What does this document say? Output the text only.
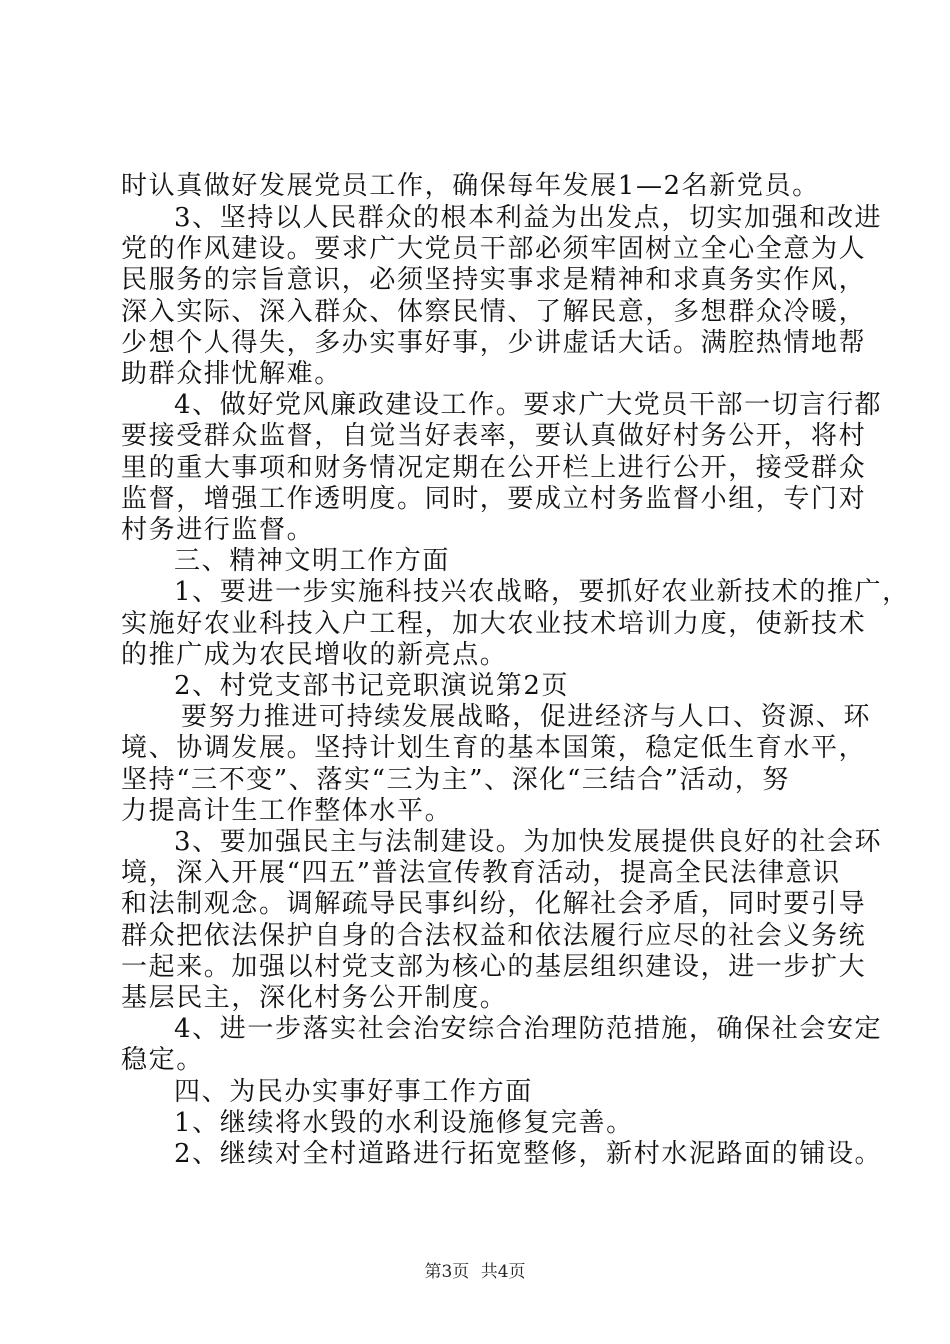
时认真做好发展党员工作，确保每年发展1—2名新党员。
3、坚持以人民群众的根本利益为出发点，切实加强和改进
党的作风建设。要求广大党员干部必须牢固树立全心全意为人
民服务的宗旨意识，必须坚持实事求是精神和求真务实作风，
深入实际、深入群众、体察民情、了解民意，多想群众冷暖，
少想个人得失，多办实事好事，少讲虚话大话。满腔热情地帮
助群众排忧解难。
4、做好党风廉政建设工作。要求广大党员干部一切言行都
要接受群众监督，自觉当好表率，要认真做好村务公开，将村
里的重大事项和财务情况定期在公开栏上进行公开，接受群众
监督，增强工作透明度。同时，要成立村务监督小组，专门对
村务进行监督。
三、精神文明工作方面
1、要进一步实施科技兴农战略，要抓好农业新技术的推广，
实施好农业科技入户工程，加大农业技术培训力度，使新技术
的推广成为农民增收的新亮点。
2、村党支部书记竞职演说第2页
要努力推进可持续发展战略，促进经济与人口、资源、环
境、协调发展。坚持计划生育的基本国策，稳定低生育水平，
坚持“三不变”、落实“三为主”、深化“三结合”活动，努
力提高计生工作整体水平。
3、要加强民主与法制建设。为加快发展提供良好的社会环
境，深入开展“四五”普法宣传教育活动，提高全民法律意识
和法制观念。调解疏导民事纠纷，化解社会矛盾，同时要引导
群众把依法保护自身的合法权益和依法履行应尽的社会义务统
一起来。加强以村党支部为核心的基层组织建设，进一步扩大
基层民主，深化村务公开制度。
4、进一步落实社会治安综合治理防范措施，确保社会安定
稳定。
四、为民办实事好事工作方面
1、继续将水毁的水利设施修复完善。
2、继续对全村道路进行拓宽整修，新村水泥路面的铺设。
第3页 共4页
